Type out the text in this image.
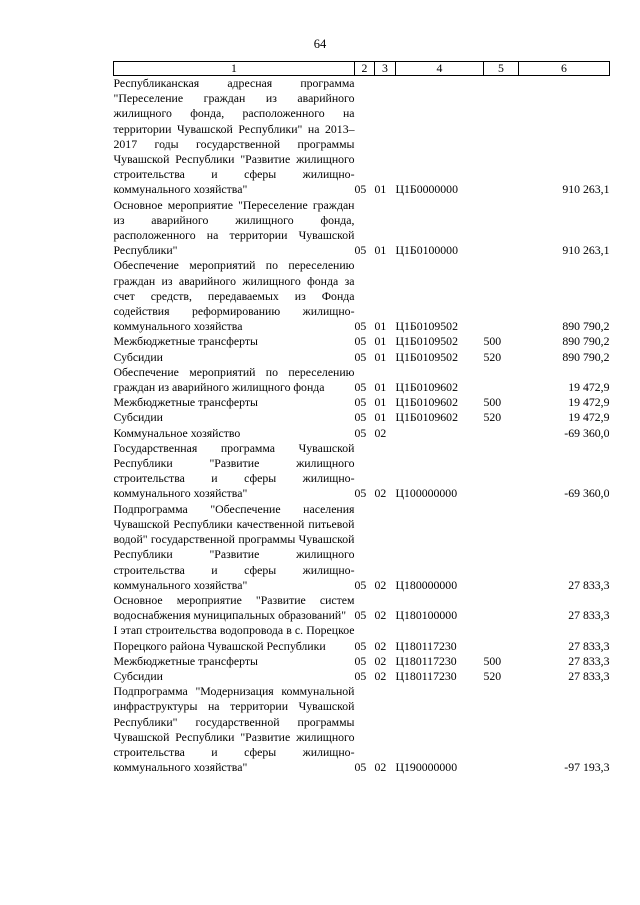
64
1	2	3	4	5	6
Республиканская адресная программа "Переселение граждан из аварийного жилищного фонда, расположенного на территории Чувашской Республики" на 2013–2017 годы государственной программы Чувашской Республики "Развитие жилищного строительства и сферы жилищно-коммунального хозяйства"	05	01	Ц1Б0000000		910 263,1
Основное мероприятие "Переселение граждан из аварийного жилищного фонда, расположенного на территории Чувашской Республики"	05	01	Ц1Б0100000		910 263,1
Обеспечение мероприятий по переселению граждан из аварийного жилищного фонда за счет средств, передаваемых из Фонда содействия реформированию жилищно-коммунального хозяйства	05	01	Ц1Б0109502		890 790,2
Межбюджетные трансферты	05	01	Ц1Б0109502	500	890 790,2
Субсидии	05	01	Ц1Б0109502	520	890 790,2
Обеспечение мероприятий по переселению граждан из аварийного жилищного фонда	05	01	Ц1Б0109602		19 472,9
Межбюджетные трансферты	05	01	Ц1Б0109602	500	19 472,9
Субсидии	05	01	Ц1Б0109602	520	19 472,9
Коммунальное хозяйство	05	02			-69 360,0
Государственная программа Чувашской Республики "Развитие жилищного строительства и сферы жилищно-коммунального хозяйства"	05	02	Ц100000000		-69 360,0
Подпрограмма "Обеспечение населения Чувашской Республики качественной питьевой водой" государственной программы Чувашской Республики "Развитие жилищного строительства и сферы жилищно-коммунального хозяйства"	05	02	Ц180000000		27 833,3
Основное мероприятие "Развитие систем водоснабжения муниципальных образований"	05	02	Ц180100000		27 833,3
I этап строительства водопровода в с. Порецкое Порецкого района Чувашской Республики	05	02	Ц180117230		27 833,3
Межбюджетные трансферты	05	02	Ц180117230	500	27 833,3
Субсидии	05	02	Ц180117230	520	27 833,3
Подпрограмма "Модернизация коммунальной инфраструктуры на территории Чувашской Республики" государственной программы Чувашской Республики "Развитие жилищного строительства и сферы жилищно-коммунального хозяйства"	05	02	Ц190000000		-97 193,3
